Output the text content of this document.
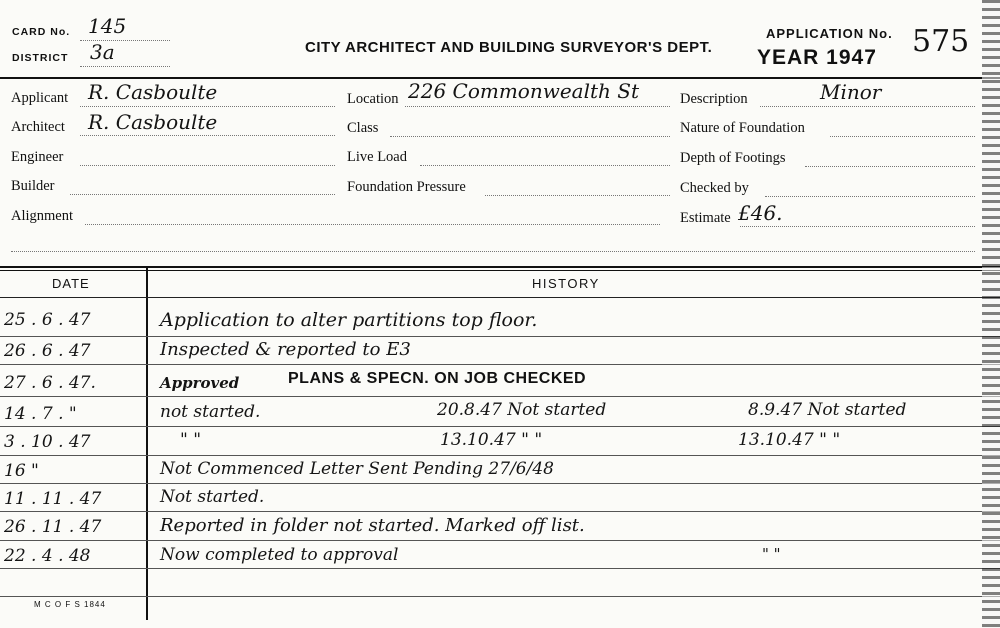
CARD No. 145
DISTRICT 3a	CITY ARCHITECT AND BUILDING SURVEYOR'S DEPT.
APPLICATION No. 575
YEAR 1947
Applicant R. Casboulte
Architect R. Casboulte
Engineer
Builder
Alignment
Location 226 Commonwealth St
Class
Live Load
Foundation Pressure
Description	Minor
Nature of Foundation
Depth of Footings
Checked by
Estimate £46.
DATE	HISTORY
25 . 6 . 47	Application to alter partitions top floor.
26 . 6 . 47	Inspected & reported to E3
27 . 6 . 47.	Approved	PLANS & SPECN. ON JOB CHECKED
14 . 7 . "	not started.	20.8.47 Not started	8.9.47 Not started
3 . 10 . 47	" "	13.10.47 " "	13.10.47 " "
16 "	Not Commenced Letter Sent Pending 27/6/48
11 . 11 . 47	Not started.
26 . 11 . 47	Reported in folder not started. Marked off list.
22 . 4 . 48	Now completed to approval	" "
M C O F S 1844
